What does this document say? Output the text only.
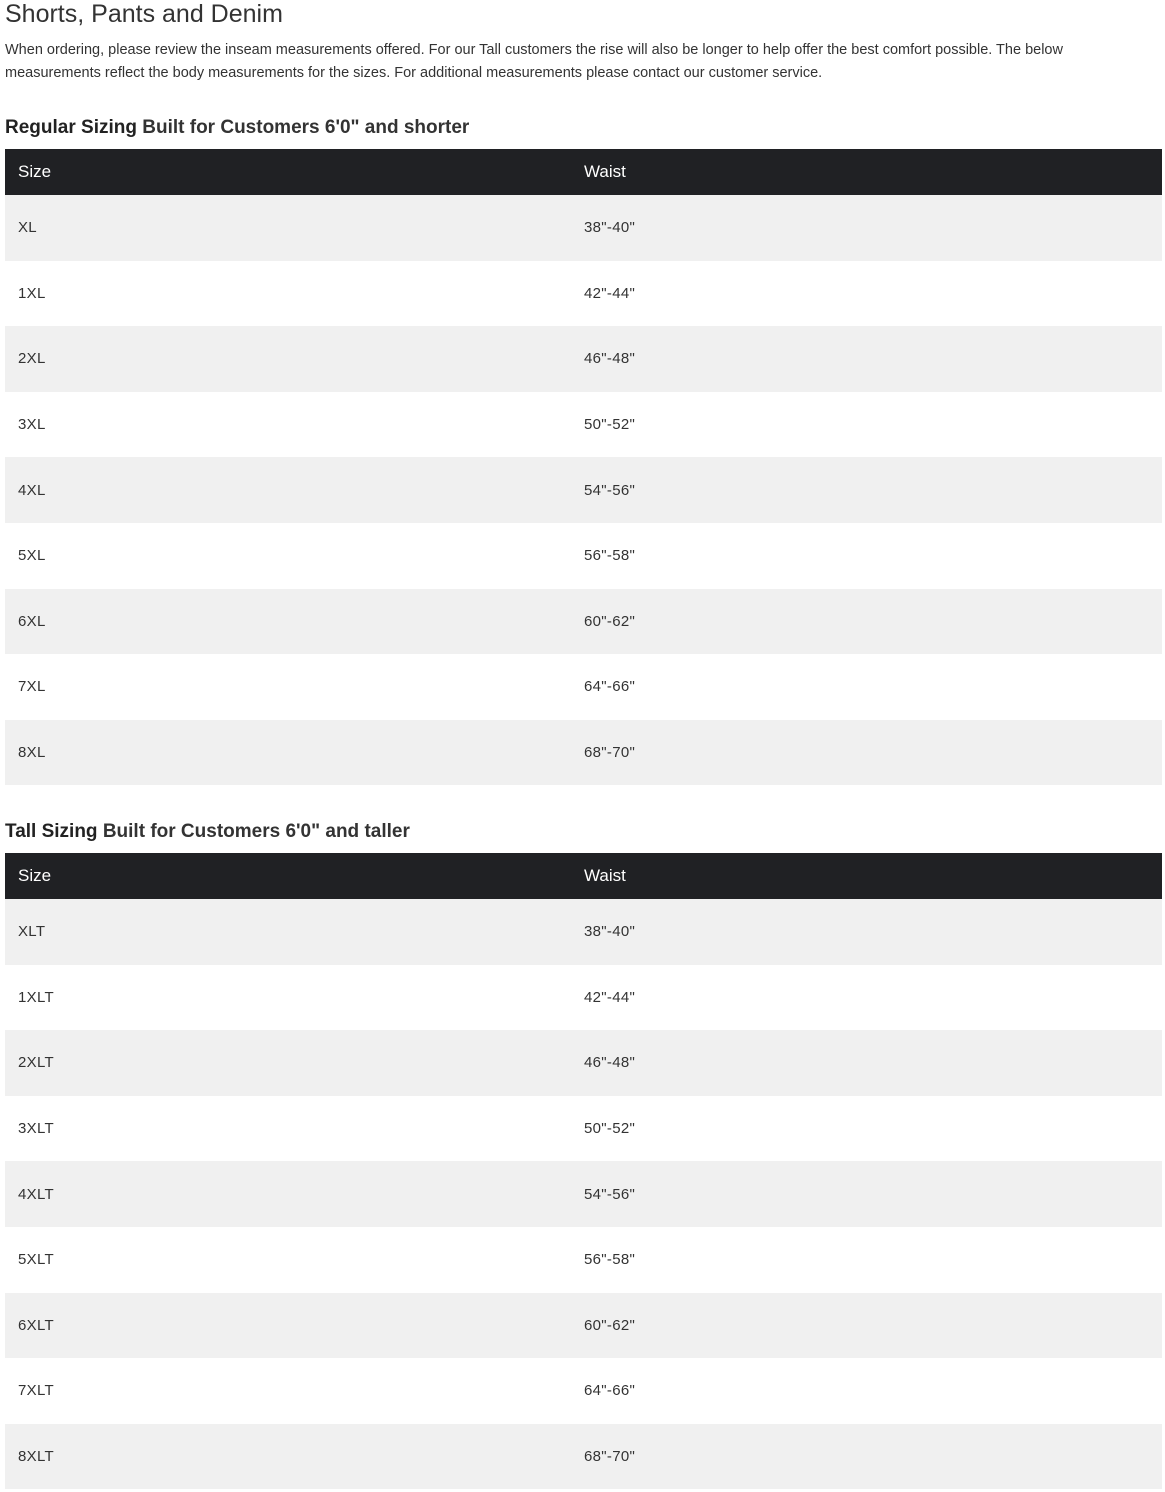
Shorts, Pants and Denim

When ordering, please review the inseam measurements offered. For our Tall customers the rise will also be longer to help offer the best comfort possible. The below measurements reflect the body measurements for the sizes. For additional measurements please contact our customer service.

Regular Sizing Built for Customers 6'0" and shorter
Size	Waist
XL	38"-40"
1XL	42"-44"
2XL	46"-48"
3XL	50"-52"
4XL	54"-56"
5XL	56"-58"
6XL	60"-62"
7XL	64"-66"
8XL	68"-70"
Tall Sizing Built for Customers 6'0" and taller
Size	Waist
XLT	38"-40"
1XLT	42"-44"
2XLT	46"-48"
3XLT	50"-52"
4XLT	54"-56"
5XLT	56"-58"
6XLT	60"-62"
7XLT	64"-66"
8XLT	68"-70"
